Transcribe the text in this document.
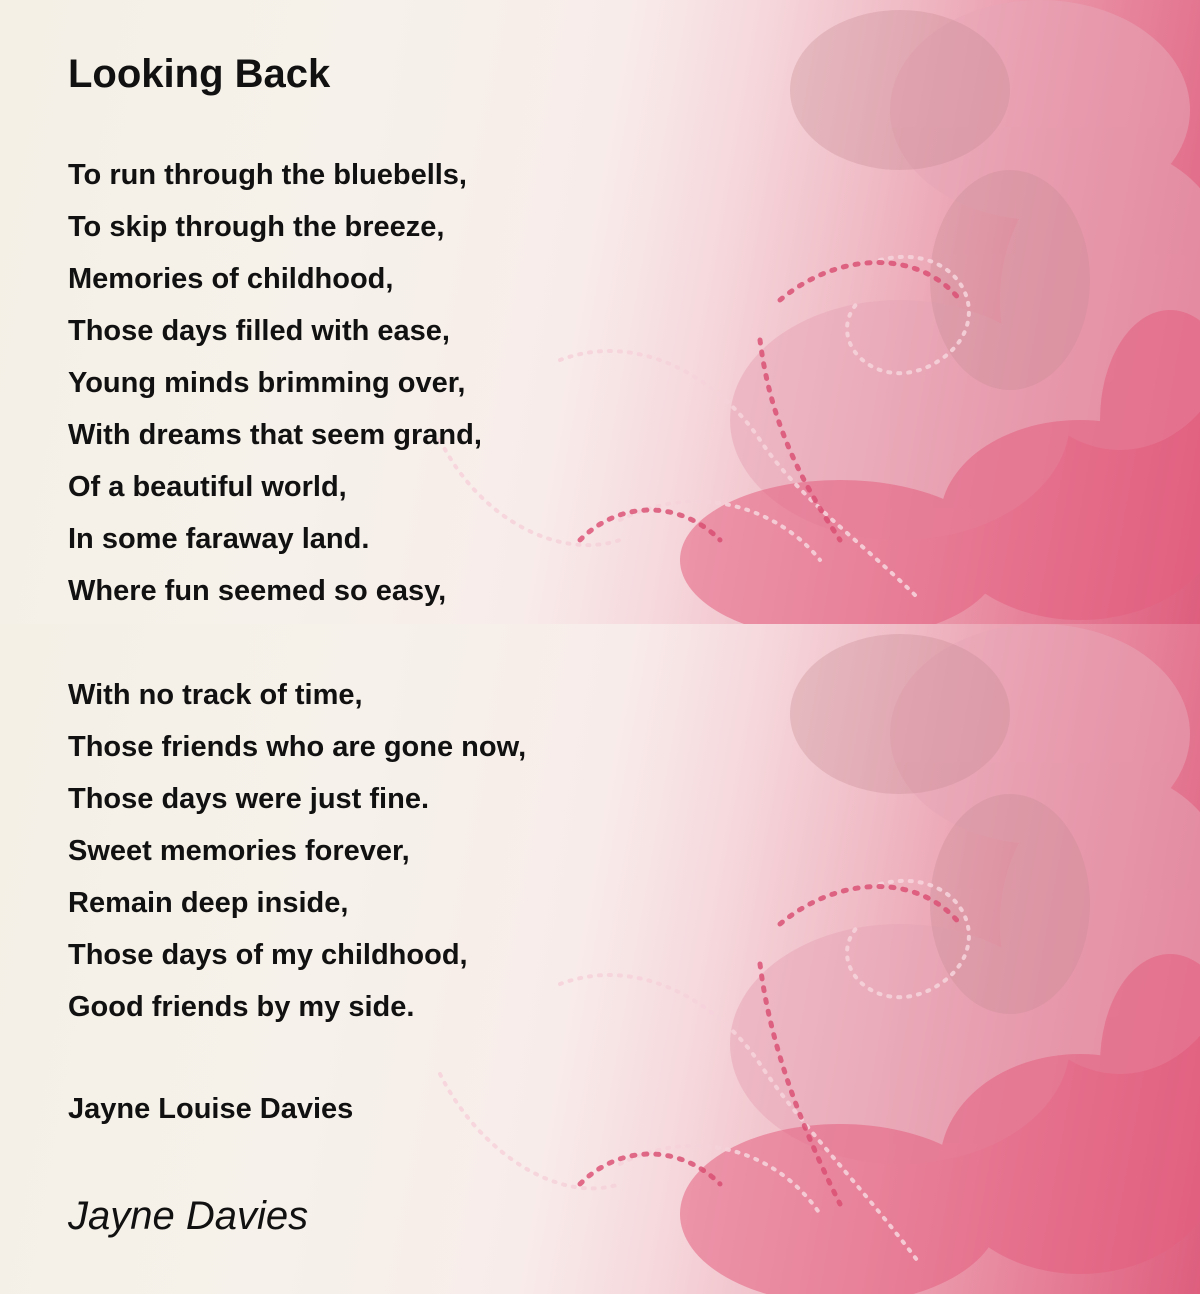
Looking Back
To run through the bluebells,
To skip through the breeze,
Memories of childhood,
Those days filled with ease,
Young minds brimming over,
With dreams that seem grand,
Of a beautiful world,
In some faraway land.
Where fun seemed so easy,
With no track of time,
Those friends who are gone now,
Those days were just fine.
Sweet memories forever,
Remain deep inside,
Those days of my childhood,
Good friends by my side.
Jayne Louise Davies
Jayne Davies
